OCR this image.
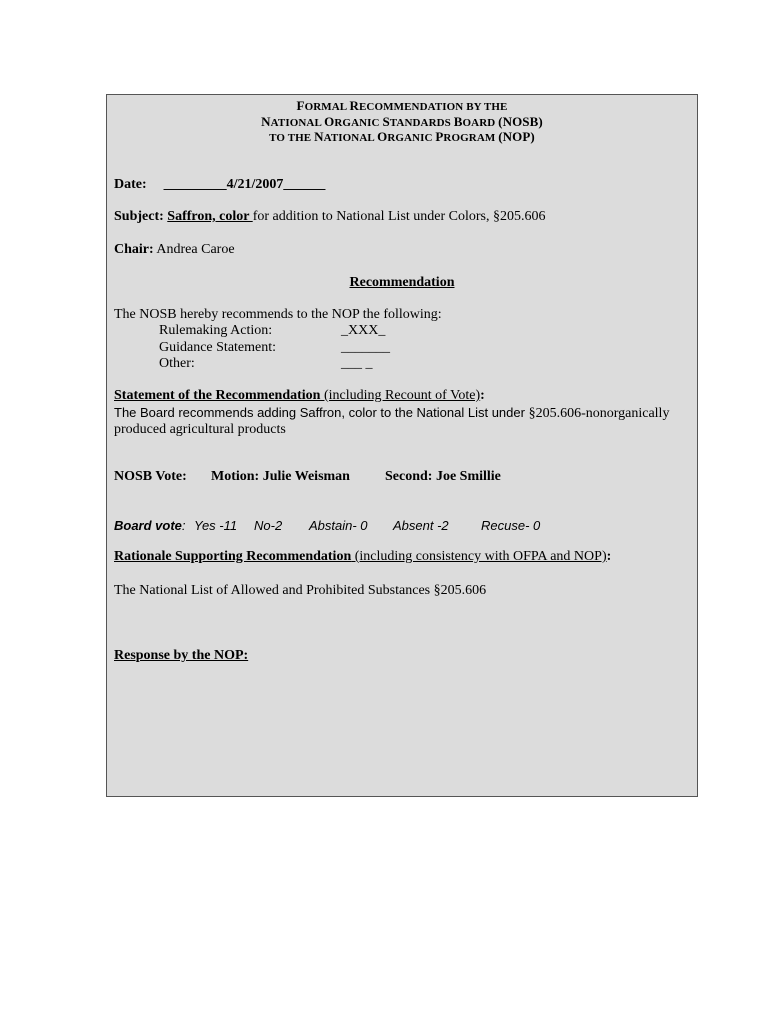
FORMAL RECOMMENDATION BY THE
NATIONAL ORGANIC STANDARDS BOARD (NOSB)
TO THE NATIONAL ORGANIC PROGRAM (NOP)
Date: _________4/21/2007______
Subject: Saffron, color for addition to National List under Colors, §205.606
Chair: Andrea Caroe
Recommendation
The NOSB hereby recommends to the NOP the following:
Rulemaking Action:	_XXX_
Guidance Statement:	_______
Other:	___ _
Statement of the Recommendation (including Recount of Vote):
The Board recommends adding Saffron, color to the National List under §205.606-nonorganically
produced agricultural products
NOSB Vote: Motion: Julie Weisman	Second: Joe Smillie
Board vote: Yes -11 No-2 Abstain- 0 Absent -2 Recuse- 0
Rationale Supporting Recommendation (including consistency with OFPA and NOP):
The National List of Allowed and Prohibited Substances §205.606
Response by the NOP:
